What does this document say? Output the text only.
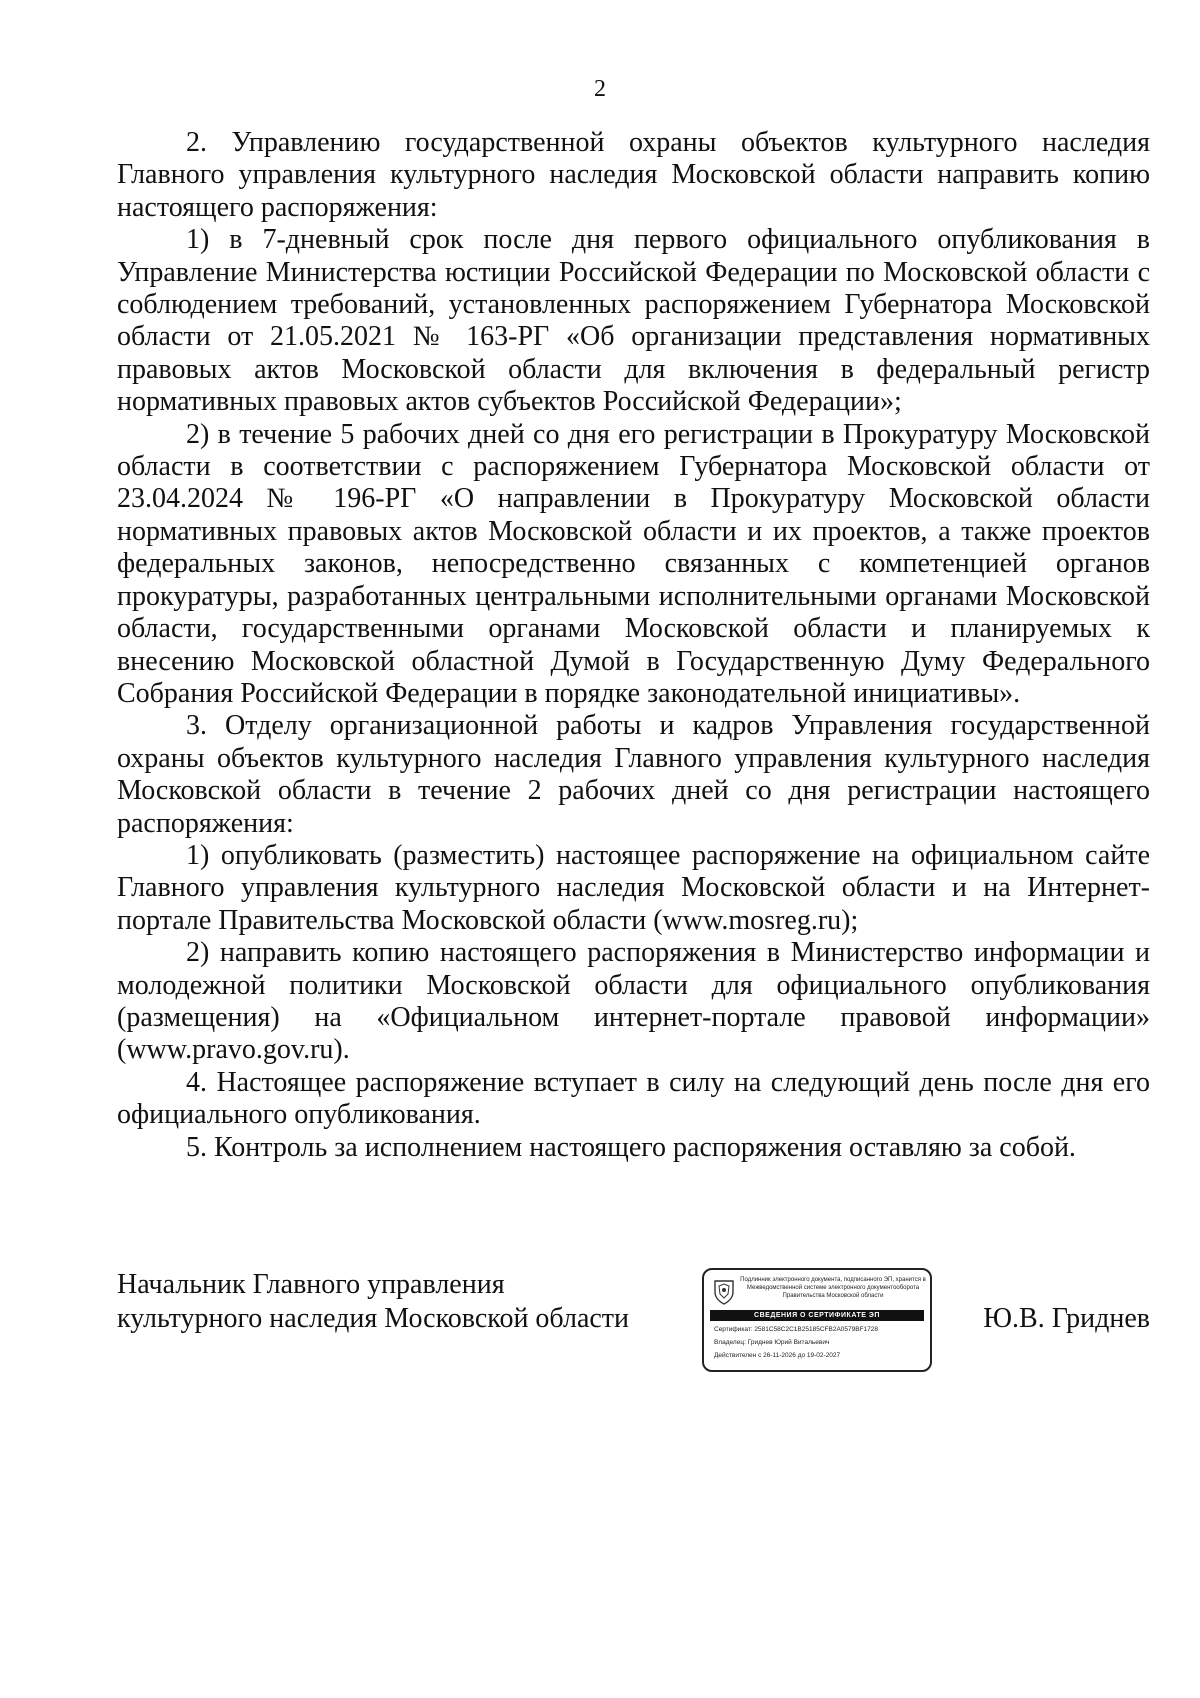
2

2. Управлению государственной охраны объектов культурного наследия Главного управления культурного наследия Московской области направить копию настоящего распоряжения:

1) в 7-дневный срок после дня первого официального опубликования в Управление Министерства юстиции Российской Федерации по Московской области с соблюдением требований, установленных распоряжением Губернатора Московской области от 21.05.2021 № 163-РГ «Об организации представления нормативных правовых актов Московской области для включения в федеральный регистр нормативных правовых актов субъектов Российской Федерации»;

2) в течение 5 рабочих дней со дня его регистрации в Прокуратуру Московской области в соответствии с распоряжением Губернатора Московской области от 23.04.2024 № 196-РГ «О направлении в Прокуратуру Московской области нормативных правовых актов Московской области и их проектов, а также проектов федеральных законов, непосредственно связанных с компетенцией органов прокуратуры, разработанных центральными исполнительными органами Московской области, государственными органами Московской области и планируемых к внесению Московской областной Думой в Государственную Думу Федерального Собрания Российской Федерации в порядке законодательной инициативы».

3. Отделу организационной работы и кадров Управления государственной охраны объектов культурного наследия Главного управления культурного наследия Московской области в течение 2 рабочих дней со дня регистрации настоящего распоряжения:

1) опубликовать (разместить) настоящее распоряжение на официальном сайте Главного управления культурного наследия Московской области и на Интернет-портале Правительства Московской области (www.mosreg.ru);

2) направить копию настоящего распоряжения в Министерство информации и молодежной политики Московской области для официального опубликования (размещения) на «Официальном интернет-портале правовой информации» (www.pravo.gov.ru).

4. Настоящее распоряжение вступает в силу на следующий день после дня его официального опубликования.

5. Контроль за исполнением настоящего распоряжения оставляю за собой.

Начальник Главного управления
культурного наследия Московской области
Подлинник электронного документа, подписанного ЭП, хранится в Межведомственной системе электронного документооборота Правительства Московской области
СВЕДЕНИЯ О СЕРТИФИКАТЕ ЭП
Сертификат: 2581C58C2C1B25185CFB2A0579BF1728
Владелец: Гриднев Юрий Витальевич
Действителен с 26-11-2026 до 19-02-2027
Ю.В. Гриднев
